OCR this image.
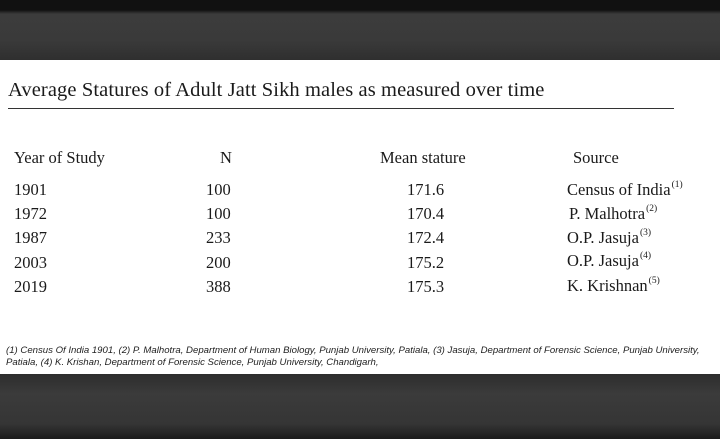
Average Statures of Adult Jatt Sikh males as measured over time
Year of Study	N	Mean stature	Source
1901	100	171.6	Census of India$^{(1)}$
1972	100	170.4	P. Malhotra$^{(2)}$
1987	233	172.4	O.P. Jasuja$^{(3)}$
2003	200	175.2	O.P. Jasuja$^{(4)}$
2019	388	175.3	K. Krishnan$^{(5)}$
(1) Census Of India 1901, (2) P. Malhotra, Department of Human Biology, Punjab University, Patiala, (3) Jasuja, Department of Forensic Science, Punjab University, Patiala, (4) K. Krishan, Department of Forensic Science, Punjab University, Chandigarh,
